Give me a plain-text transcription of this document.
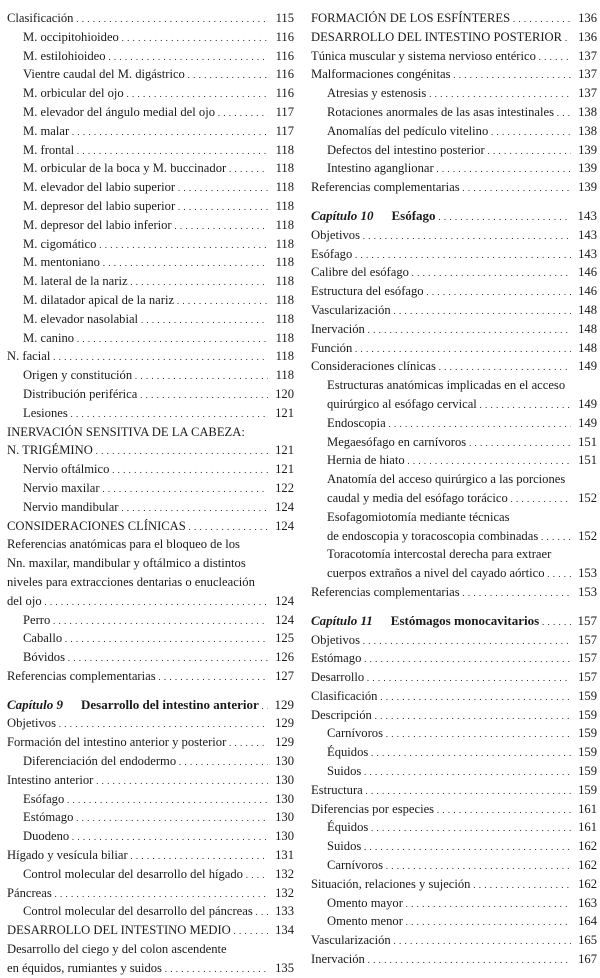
Clasificación . . .	115
M. occipitohioideo . . .	116
M. estilohioideo . . .	116
Vientre caudal del M. digástrico . . .	116
M. orbicular del ojo . . .	116
M. elevador del ángulo medial del ojo . . .	117
M. malar . . .	117
M. frontal . . .	118
M. orbicular de la boca y M. buccinador . . .	118
M. elevador del labio superior . . .	118
M. depresor del labio superior . . .	118
M. depresor del labio inferior . . .	118
M. cigomático . . .	118
M. mentoniano . . .	118
M. lateral de la nariz . . .	118
M. dilatador apical de la nariz . . .	118
M. elevador nasolabial . . .	118
M. canino . . .	118
N. facial . . .	118
Origen y constitución . . .	118
Distribución periférica . . .	120
Lesiones . . .	121
INERVACIÓN SENSITIVA DE LA CABEZA:
N. TRIGÉMINO . . .	121
Nervio oftálmico . . .	121
Nervio maxilar . . .	122
Nervio mandibular . . .	124
CONSIDERACIONES CLÍNICAS . . .	124
Referencias anatómicas para el bloqueo de los
Nn. maxilar, mandibular y oftálmico a distintos
niveles para extracciones dentarias o enucleación
del ojo . . .	124
Perro . . .	124
Caballo . . .	125
Bóvidos . . .	126
Referencias complementarias . . .	127
Capítulo 9 Desarrollo del intestino anterior . . .	129
Objetivos . . .	129
Formación del intestino anterior y posterior . . .	129
Diferenciación del endodermo . . .	130
Intestino anterior . . .	130
Esófago . . .	130
Estómago . . .	130
Duodeno . . .	130
Hígado y vesícula biliar . . .	131
Control molecular del desarrollo del hígado . . .	132
Páncreas . . .	132
Control molecular del desarrollo del páncreas . . .	133
DESARROLLO DEL INTESTINO MEDIO . . .	134
Desarrollo del ciego y del colon ascendente
en équidos, rumiantes y suidos . . .	135
FORMACIÓN DE LOS ESFÍNTERES . . .	136
DESARROLLO DEL INTESTINO POSTERIOR . . .	136
Túnica muscular y sistema nervioso entérico . . .	137
Malformaciones congénitas . . .	137
Atresias y estenosis . . .	137
Rotaciones anormales de las asas intestinales . . .	138
Anomalías del pedículo vitelino . . .	138
Defectos del intestino posterior . . .	139
Intestino aganglionar . . .	139
Referencias complementarias . . .	139
Capítulo 10 Esófago . . .	143
Objetivos . . .	143
Esófago . . .	143
Calibre del esófago . . .	146
Estructura del esófago . . .	146
Vascularización . . .	148
Inervación . . .	148
Función . . .	148
Consideraciones clínicas . . .	149
Estructuras anatómicas implicadas en el acceso
quirúrgico al esófago cervical . . .	149
Endoscopia . . .	149
Megaesófago en carnívoros . . .	151
Hernia de hiato . . .	151
Anatomía del acceso quirúrgico a las porciones
caudal y media del esófago torácico . . .	152
Esofagomiotomía mediante técnicas
de endoscopia y toracoscopia combinadas . . .	152
Toracotomía intercostal derecha para extraer
cuerpos extraños a nivel del cayado aórtico . . .	153
Referencias complementarias . . .	153
Capítulo 11 Estómagos monocavitarios . . .	157
Objetivos . . .	157
Estómago . . .	157
Desarrollo . . .	157
Clasificación . . .	159
Descripción . . .	159
Carnívoros . . .	159
Équidos . . .	159
Suidos . . .	159
Estructura . . .	159
Diferencias por especies . . .	161
Équidos . . .	161
Suidos . . .	162
Carnívoros . . .	162
Situación, relaciones y sujeción . . .	162
Omento mayor . . .	163
Omento menor . . .	164
Vascularización . . .	165
Inervación . . .	167
